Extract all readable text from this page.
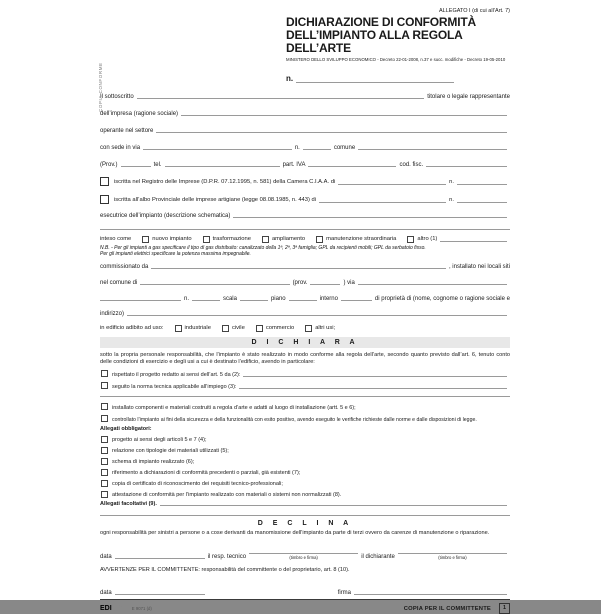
COPIA CONFORME
ALLEGATO I (di cui all’Art. 7)
DICHIARAZIONE DI CONFORMITÀ
DELL’IMPIANTO ALLA REGOLA DELL’ARTE
MINISTERO DELLO SVILUPPO ECONOMICO - Decreto 22-01-2008, n.37 e succ. modifiche - Decreto 19-05-2010
n.
Il sottoscritto	titolare o legale rappresentante
dell’impresa (ragione sociale)
operante nel settore
con sede in via	n.	comune
(Prov.)	tel.	part. IVA	cod. fisc.
iscritta nel Registro delle Imprese (D.P.R. 07.12.1995, n. 581) della Camera C.I.A.A. di	n.
iscritta all’albo Provinciale delle imprese artigiane (legge 08.08.1985, n. 443) di	n.
esecutrice dell’impianto (descrizione schematica)
inteso come	nuovo impianto	trasformazione	ampliamento	manutenzione straordinaria	altro (1)
N.B. - Per gli impianti a gas specificare il tipo di gas distribuito: canalizzato della 1ª, 2ª, 3ª famiglia; GPL da recipienti mobili; GPL da serbatoio fisso.
Per gli impianti elettrici specificare la potenza massima impegnabile.
commissionato da	, installato nei locali siti
nel comune di	(prov.	) via
n.	scala	piano	interno	di proprietà di (nome, cognome o ragione sociale e
indirizzo)
in edificio adibito ad uso:	industriale	civile	commercio	altri usi;
D I C H I A R A
sotto la propria personale responsabilità, che l’impianto è stato realizzato in modo conforme alla regola dell’arte, secondo quanto previsto dall’art. 6, tenuto conto delle condizioni di esercizio e degli usi a cui è destinato l’edificio, avendo in particolare:
rispettato il progetto redatto ai sensi dell’art. 5 da (2):
seguito la norma tecnica applicabile all’impiego (3):
installato componenti e materiali costruiti a regola d’arte e adatti al luogo di installazione (artt. 5 e 6);
controllato l’impianto ai fini della sicurezza e della funzionalità con esito positivo, avendo eseguito le verifiche richieste dalle norme e dalle disposizioni di legge.
Allegati obbligatori:
progetto ai sensi degli articoli 5 e 7 (4);
relazione con tipologie dei materiali utilizzati (5);
schema di impianto realizzato (6);
riferimento a dichiarazioni di conformità precedenti o parziali, già esistenti (7);
copia di certificato di riconoscimento dei requisiti tecnico-professionali;
attestazione di conformità per l’impianto realizzato con materiali o sistemi non normalizzati (8).
Allegati facoltativi (9).
D E C L I N A
ogni responsabilità per sinistri a persone o a cose derivanti da manomissione dell’impianto da parte di terzi ovvero da carenze di manutenzione o riparazione.
data	il resp. tecnico	(timbro e firma)	il dichiarante	(timbro e firma)
AVVERTENZE PER IL COMMITTENTE: responsabilità del committente o del proprietario, art. 8 (10).
data	firma
EDIPRO E 9071 (d)	COPIA PER IL COMMITTENTE	1
